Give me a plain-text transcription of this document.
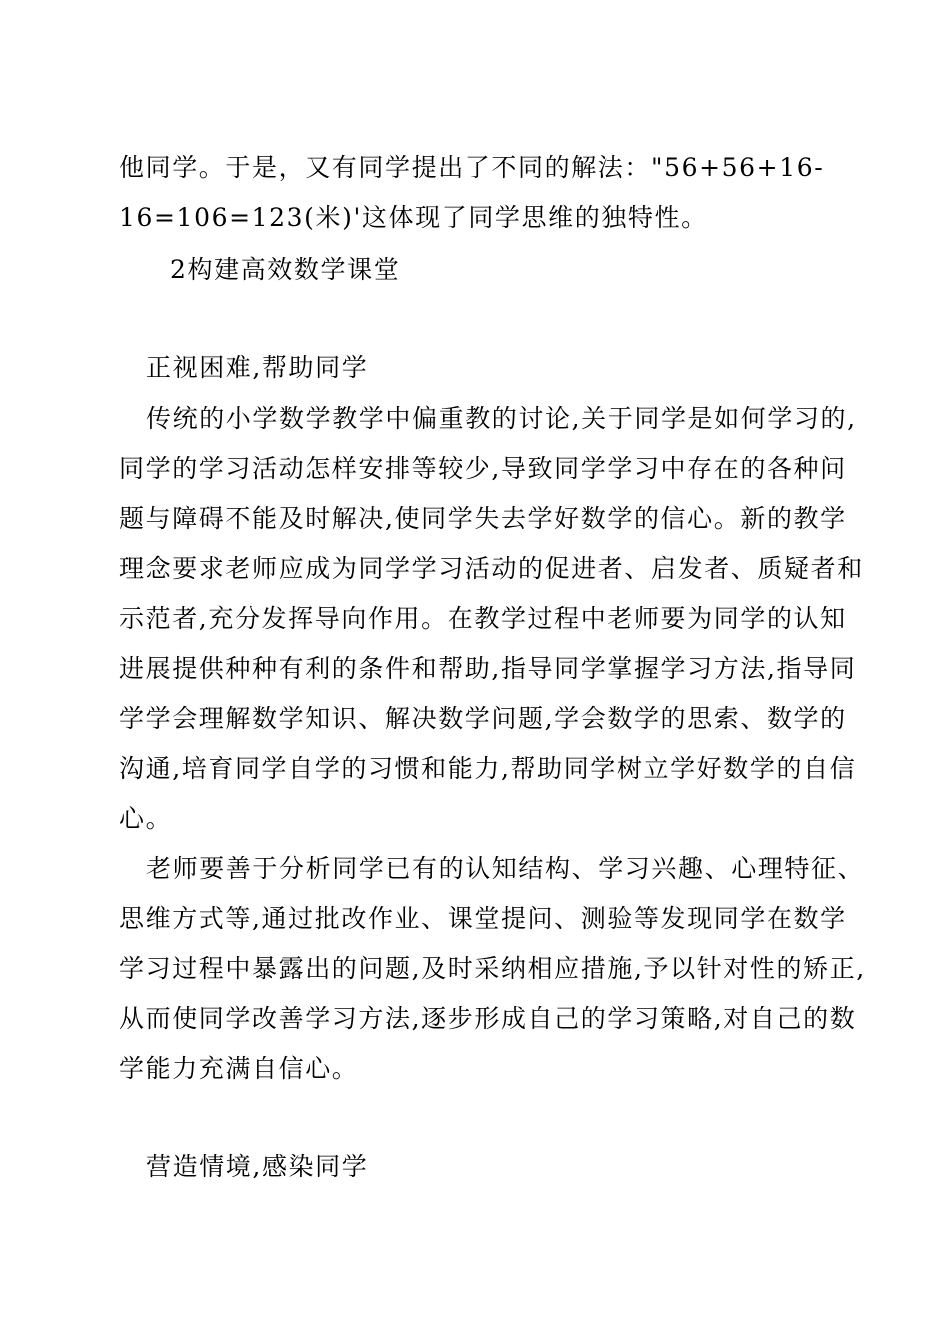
他同学。于是，又有同学提出了不同的解法："56+56+16-
16=106=123(米)'这体现了同学思维的独特性。
2构建高效数学课堂
正视困难,帮助同学
传统的小学数学教学中偏重教的讨论,关于同学是如何学习的,
同学的学习活动怎样安排等较少,导致同学学习中存在的各种问
题与障碍不能及时解决,使同学失去学好数学的信心。新的教学
理念要求老师应成为同学学习活动的促进者、启发者、质疑者和
示范者,充分发挥导向作用。在教学过程中老师要为同学的认知
进展提供种种有利的条件和帮助,指导同学掌握学习方法,指导同
学学会理解数学知识、解决数学问题,学会数学的思索、数学的
沟通,培育同学自学的习惯和能力,帮助同学树立学好数学的自信
心。
老师要善于分析同学已有的认知结构、学习兴趣、心理特征、
思维方式等,通过批改作业、课堂提问、测验等发现同学在数学
学习过程中暴露出的问题,及时采纳相应措施,予以针对性的矫正,
从而使同学改善学习方法,逐步形成自己的学习策略,对自己的数
学能力充满自信心。
营造情境,感染同学
